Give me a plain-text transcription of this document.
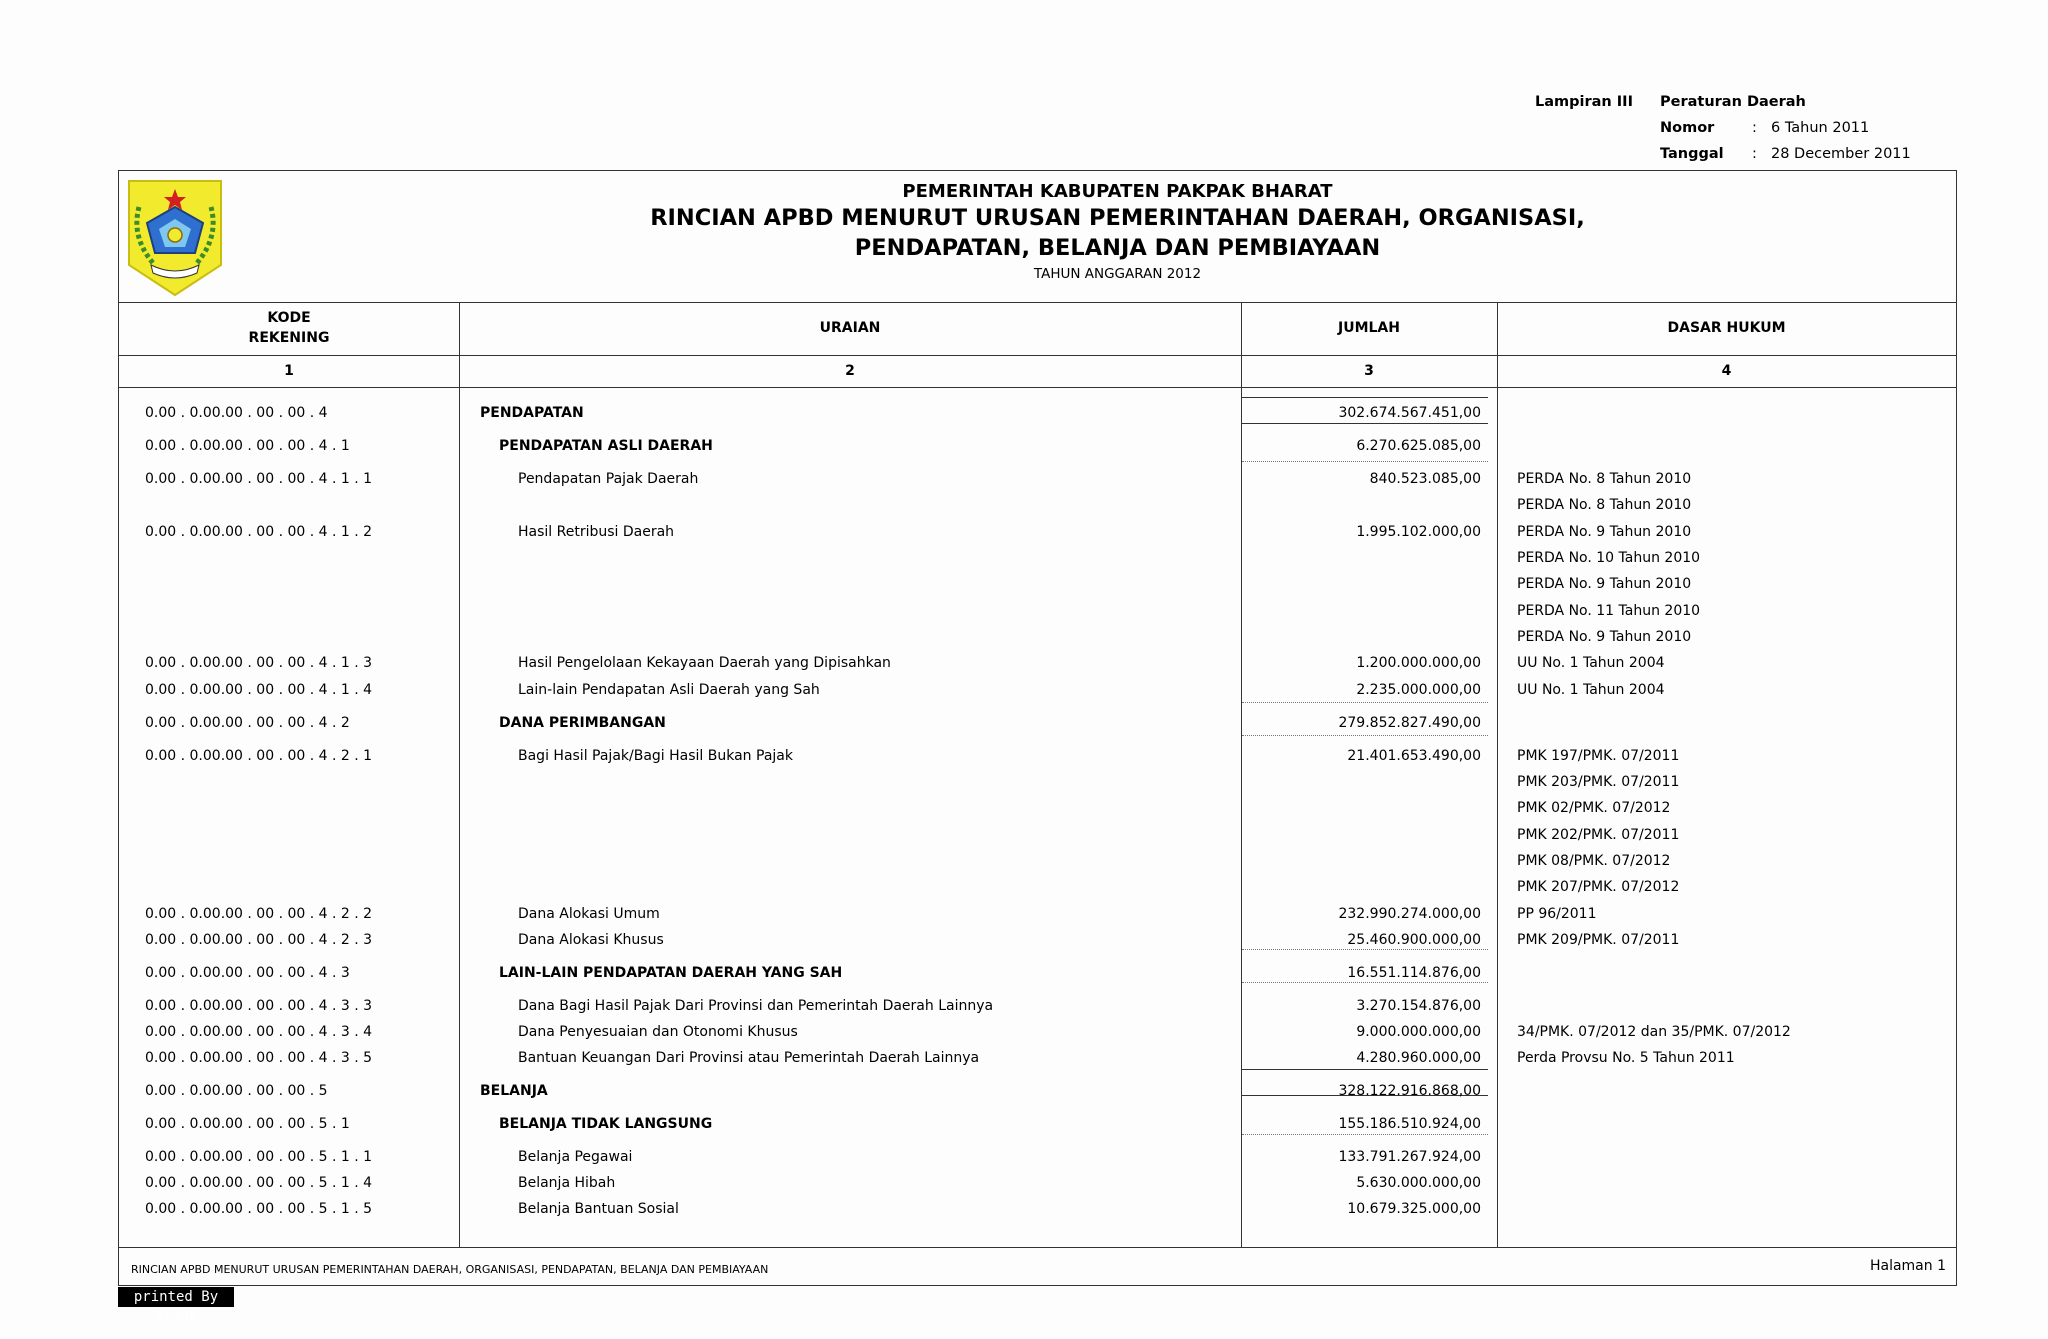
Lampiran III Peraturan Daerah
Nomor	: 6 Tahun 2011
Tanggal : 28 December 2011
PEMERINTAH KABUPATEN PAKPAK BHARAT
RINCIAN APBD MENURUT URUSAN PEMERINTAHAN DAERAH, ORGANISASI,
PENDAPATAN, BELANJA DAN PEMBIAYAAN
TAHUN ANGGARAN 2012
KODE
REKENING
URAIAN	JUMLAH	DASAR HUKUM
1	2	3	4
0.00 . 0.00.00 . 00 . 00 . 4	PENDAPATAN	302.674.567.451,00
0.00 . 0.00.00 . 00 . 00 . 4 . 1	PENDAPATAN ASLI DAERAH	6.270.625.085,00
0.00 . 0.00.00 . 00 . 00 . 4 . 1 . 1	Pendapatan Pajak Daerah	840.523.085,00	PERDA No. 8 Tahun 2010
PERDA No. 8 Tahun 2010
0.00 . 0.00.00 . 00 . 00 . 4 . 1 . 2	Hasil Retribusi Daerah	1.995.102.000,00	PERDA No. 9 Tahun 2010
PERDA No. 10 Tahun 2010
PERDA No. 9 Tahun 2010
PERDA No. 11 Tahun 2010
PERDA No. 9 Tahun 2010
0.00 . 0.00.00 . 00 . 00 . 4 . 1 . 3	Hasil Pengelolaan Kekayaan Daerah yang Dipisahkan	1.200.000.000,00	UU No. 1 Tahun 2004
0.00 . 0.00.00 . 00 . 00 . 4 . 1 . 4	Lain-lain Pendapatan Asli Daerah yang Sah	2.235.000.000,00	UU No. 1 Tahun 2004
0.00 . 0.00.00 . 00 . 00 . 4 . 2	DANA PERIMBANGAN	279.852.827.490,00
0.00 . 0.00.00 . 00 . 00 . 4 . 2 . 1	Bagi Hasil Pajak/Bagi Hasil Bukan Pajak	21.401.653.490,00	PMK 197/PMK. 07/2011
PMK 203/PMK. 07/2011
PMK 02/PMK. 07/2012
PMK 202/PMK. 07/2011
PMK 08/PMK. 07/2012
PMK 207/PMK. 07/2012
0.00 . 0.00.00 . 00 . 00 . 4 . 2 . 2	Dana Alokasi Umum	232.990.274.000,00	PP 96/2011
0.00 . 0.00.00 . 00 . 00 . 4 . 2 . 3	Dana Alokasi Khusus	25.460.900.000,00	PMK 209/PMK. 07/2011
0.00 . 0.00.00 . 00 . 00 . 4 . 3	LAIN-LAIN PENDAPATAN DAERAH YANG SAH	16.551.114.876,00
0.00 . 0.00.00 . 00 . 00 . 4 . 3 . 3	Dana Bagi Hasil Pajak Dari Provinsi dan Pemerintah Daerah Lainnya	3.270.154.876,00
0.00 . 0.00.00 . 00 . 00 . 4 . 3 . 4	Dana Penyesuaian dan Otonomi Khusus	9.000.000.000,00	34/PMK. 07/2012 dan 35/PMK. 07/2012
0.00 . 0.00.00 . 00 . 00 . 4 . 3 . 5	Bantuan Keuangan Dari Provinsi atau Pemerintah Daerah Lainnya	4.280.960.000,00	Perda Provsu No. 5 Tahun 2011
0.00 . 0.00.00 . 00 . 00 . 5	BELANJA	328.122.916.868,00
0.00 . 0.00.00 . 00 . 00 . 5 . 1	BELANJA TIDAK LANGSUNG	155.186.510.924,00
0.00 . 0.00.00 . 00 . 00 . 5 . 1 . 1	Belanja Pegawai	133.791.267.924,00
0.00 . 0.00.00 . 00 . 00 . 5 . 1 . 4	Belanja Hibah	5.630.000.000,00
0.00 . 0.00.00 . 00 . 00 . 5 . 1 . 5	Belanja Bantuan Sosial	10.679.325.000,00
RINCIAN APBD MENURUT URUSAN PEMERINTAHAN DAERAH, ORGANISASI, PENDAPATAN, BELANJA DAN PEMBIAYAAN	Halaman 1
printed By SimDA
